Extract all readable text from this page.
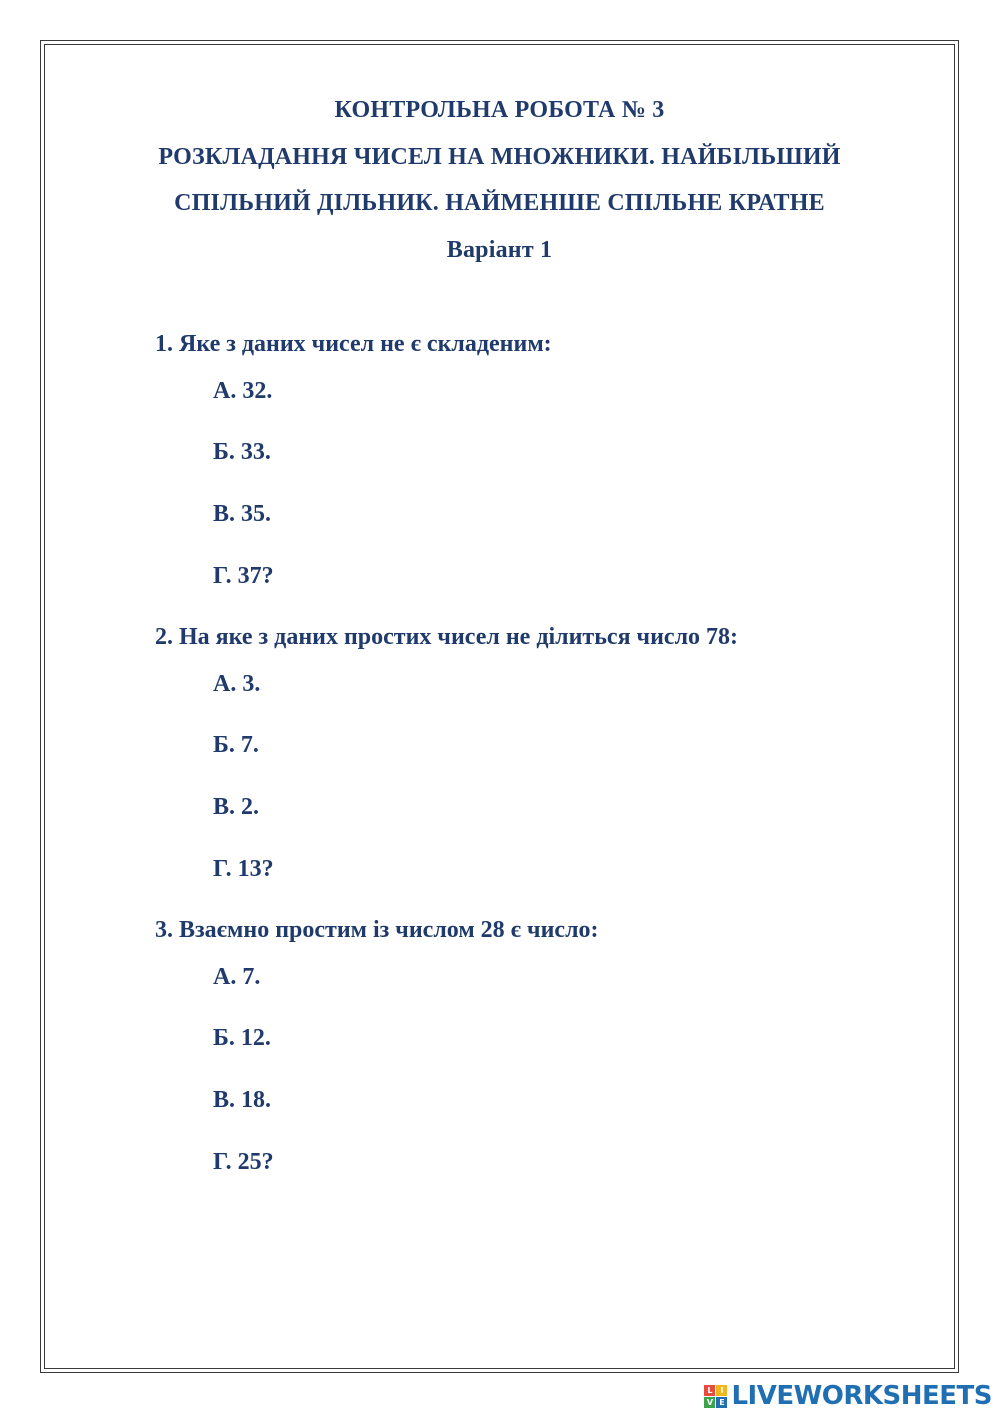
КОНТРОЛЬНА РОБОТА № 3
РОЗКЛАДАННЯ ЧИСЕЛ НА МНОЖНИКИ. НАЙБІЛЬШИЙ
СПІЛЬНИЙ ДІЛЬНИК. НАЙМЕНШЕ СПІЛЬНЕ КРАТНЕ
Варіант 1
1. Яке з даних чисел не є складеним:
А. 32.
Б. 33.
В. 35.
Г. 37?
2. На яке з даних простих чисел не ділиться число 78:
А. 3.
Б. 7.
В. 2.
Г. 13?
3. Взаємно простим із числом 28 є число:
А. 7.
Б. 12.
В. 18.
Г. 25?
L I
V E LIVEWORKSHEETS
